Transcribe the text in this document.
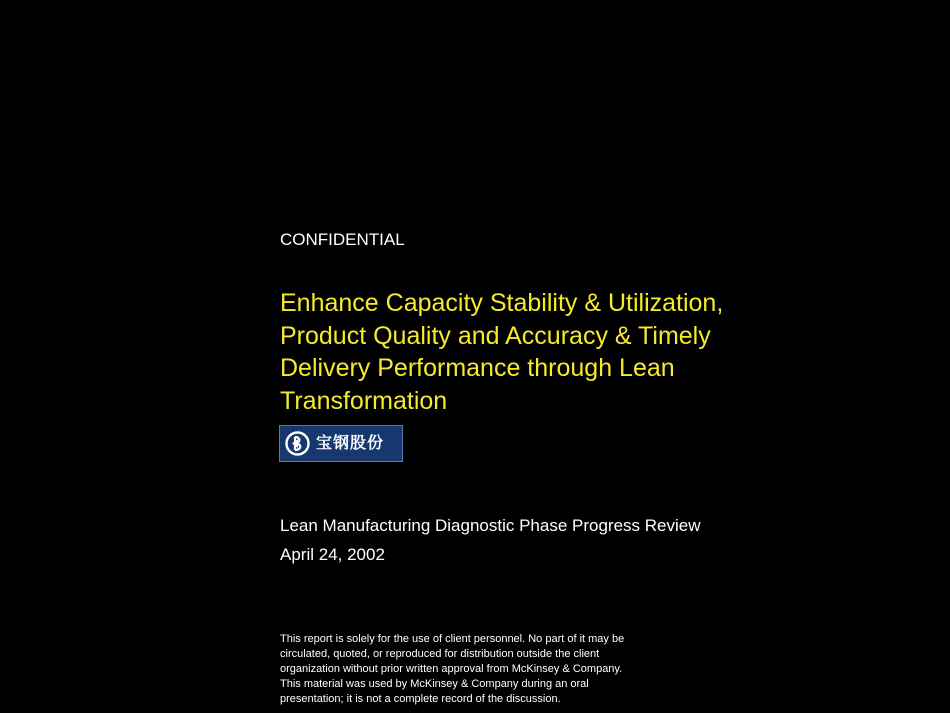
CONFIDENTIAL
Enhance Capacity Stability & Utilization,
Product Quality and Accuracy & Timely
Delivery Performance through Lean
Transformation
宝钢股份
Lean Manufacturing Diagnostic Phase Progress Review
April 24, 2002
This report is solely for the use of client personnel. No part of it may be
circulated, quoted, or reproduced for distribution outside the client
organization without prior written approval from McKinsey & Company.
This material was used by McKinsey & Company during an oral
presentation; it is not a complete record of the discussion.
